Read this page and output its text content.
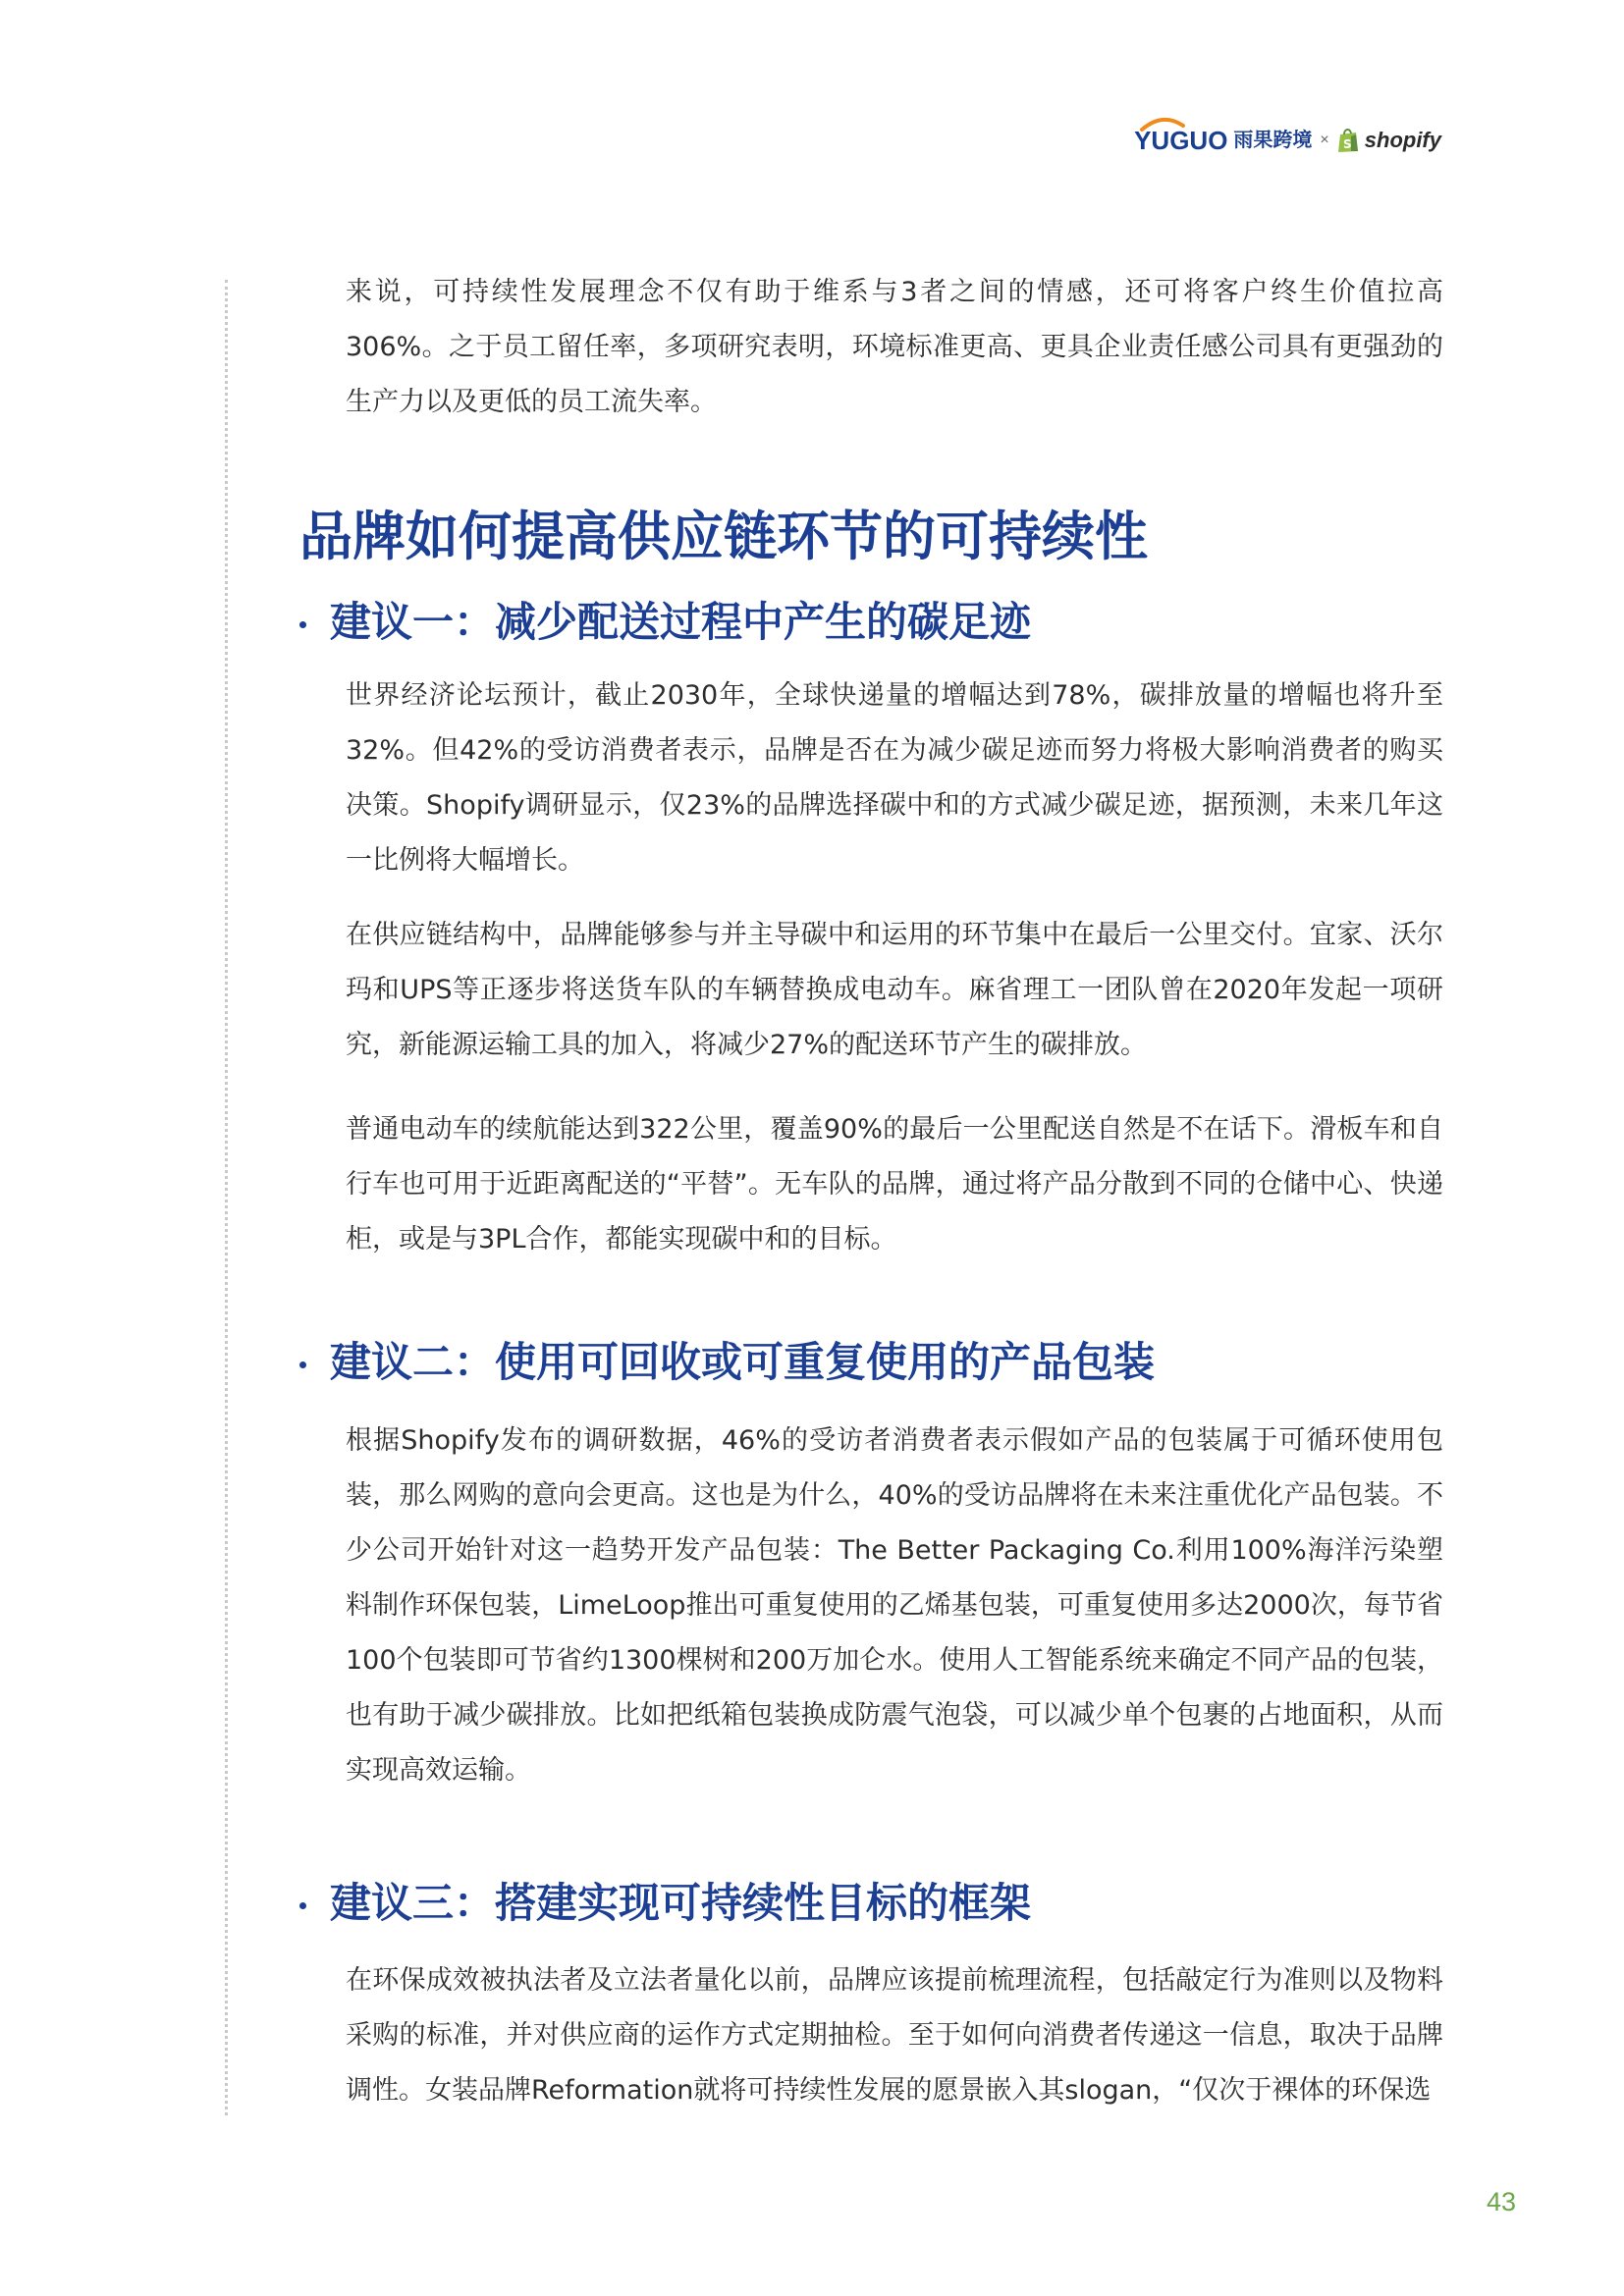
YUGUO 雨果跨境 × S shopify

来说，可持续性发展理念不仅有助于维系与3者之间的情感，还可将客户终生价值拉高306%。之于员工留任率，多项研究表明，环境标准更高、更具企业责任感公司具有更强劲的生产力以及更低的员工流失率。

品牌如何提高供应链环节的可持续性
建议一：减少配送过程中产生的碳足迹

世界经济论坛预计，截止2030年，全球快递量的增幅达到78%，碳排放量的增幅也将升至32%。但42%的受访消费者表示，品牌是否在为减少碳足迹而努力将极大影响消费者的购买决策。Shopify调研显示，仅23%的品牌选择碳中和的方式减少碳足迹，据预测，未来几年这一比例将大幅增长。

在供应链结构中，品牌能够参与并主导碳中和运用的环节集中在最后一公里交付。宜家、沃尔玛和UPS等正逐步将送货车队的车辆替换成电动车。麻省理工一团队曾在2020年发起一项研究，新能源运输工具的加入，将减少27%的配送环节产生的碳排放。

普通电动车的续航能达到322公里，覆盖90%的最后一公里配送自然是不在话下。滑板车和自行车也可用于近距离配送的“平替”。无车队的品牌，通过将产品分散到不同的仓储中心、快递柜，或是与3PL合作，都能实现碳中和的目标。

建议二：使用可回收或可重复使用的产品包装

根据Shopify发布的调研数据，46%的受访者消费者表示假如产品的包装属于可循环使用包装，那么网购的意向会更高。这也是为什么，40%的受访品牌将在未来注重优化产品包装。不少公司开始针对这一趋势开发产品包装：The Better Packaging Co.利用100%海洋污染塑料制作环保包装，LimeLoop推出可重复使用的乙烯基包装，可重复使用多达2000次，每节省100个包装即可节省约1300棵树和200万加仑水。使用人工智能系统来确定不同产品的包装，也有助于减少碳排放。比如把纸箱包装换成防震气泡袋，可以减少单个包裹的占地面积，从而实现高效运输。

建议三：搭建实现可持续性目标的框架

在环保成效被执法者及立法者量化以前，品牌应该提前梳理流程，包括敲定行为准则以及物料采购的标准，并对供应商的运作方式定期抽检。至于如何向消费者传递这一信息，取决于品牌调性。女装品牌Reformation就将可持续性发展的愿景嵌入其slogan，“仅次于裸体的环保选

43
